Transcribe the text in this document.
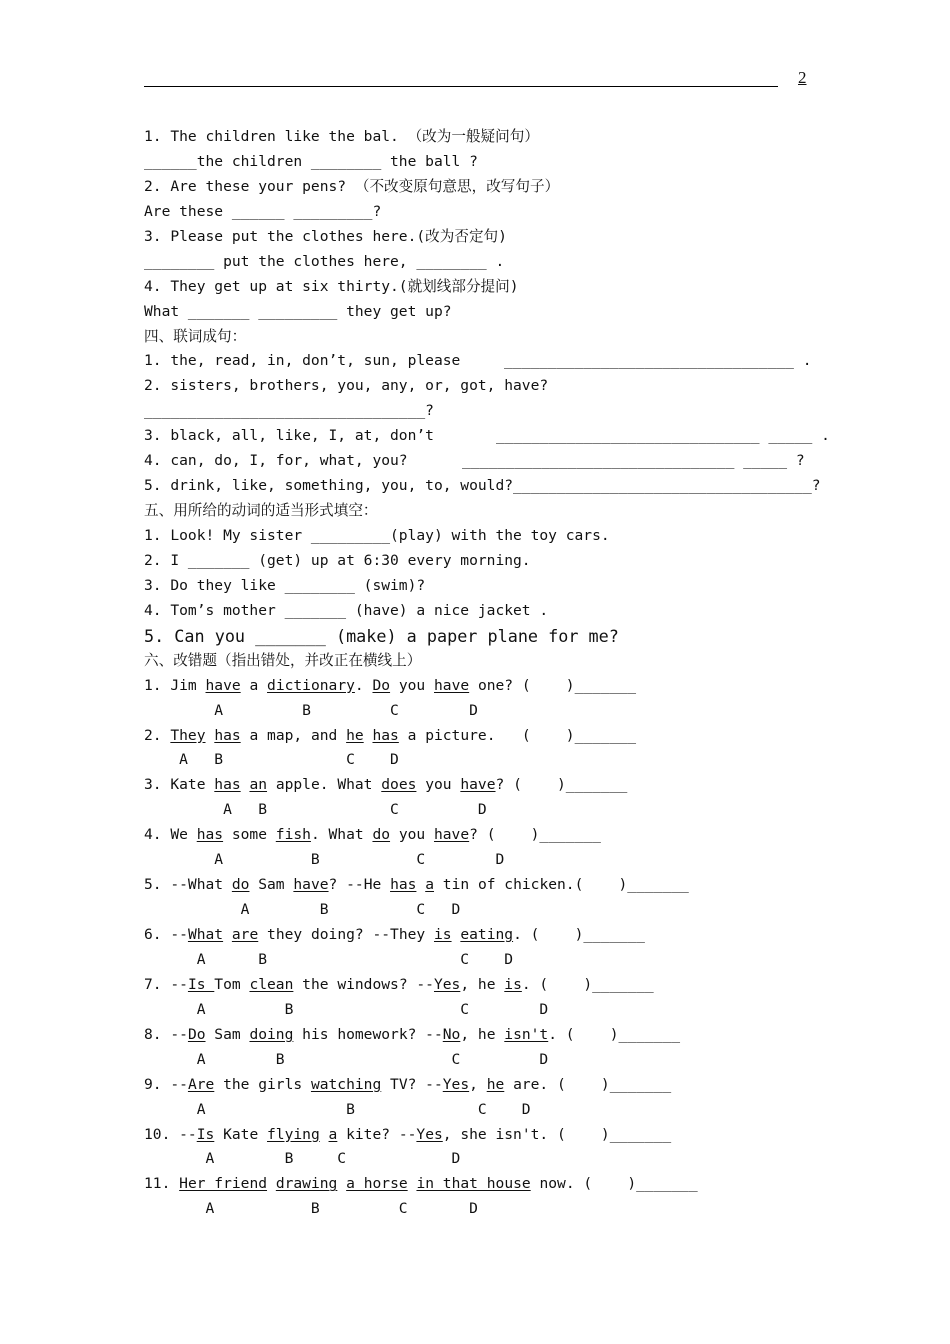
2
1. The children like the bal. （改为一般疑问句）
______the children ________ the ball ?
2. Are these your pens? （不改变原句意思，改写句子）
Are these ______ _________?
3. Please put the clothes here.(改为否定句)
________ put the clothes here, ________ .
4. They get up at six thirty.(就划线部分提问)
What _______ _________ they get up?
四、联词成句：
1. the, read, in, don’t, sun, please	_________________________________ .
2. sisters, brothers, you, any, or, got, have?
________________________________?
3. black, all, like, I, at, don’t	______________________________ _____ .
4. can, do, I, for, what, you?	_______________________________ _____ ?
5. drink, like, something, you, to, would?__________________________________?
五、用所给的动词的适当形式填空：
1. Look! My sister _________(play) with the toy cars.
2. I _______ (get) up at 6:30 every morning.
3. Do they like ________ (swim)?
4. Tom’s mother _______ (have) a nice jacket .
5. Can you _______ (make) a paper plane for me?
六、改错题（指出错处，并改正在横线上）
1. Jim have a dictionary. Do you have one? (    )_______
A         B         C        D
2. They has a map, and he has a picture.   (    )_______
A   B              C    D
3. Kate has an apple. What does you have? (    )_______
A   B              C         D
4. We has some fish. What do you have? (    )_______
A          B           C        D
5. --What do Sam have? --He has a tin of chicken.(    )_______
A        B          C   D
6. --What are they doing? --They is eating. (    )_______
A      B                      C    D
7. --Is Tom clean the windows? --Yes, he is. (    )_______
A         B                   C        D
8. --Do Sam doing his homework? --No, he isn't. (    )_______
A        B                   C         D
9. --Are the girls watching TV? --Yes, he are. (    )_______
A                B              C    D
10. --Is Kate flying a kite? --Yes, she isn't. (    )_______
A        B     C            D
11. Her friend drawing a horse in that house now. (    )_______
A           B         C       D
